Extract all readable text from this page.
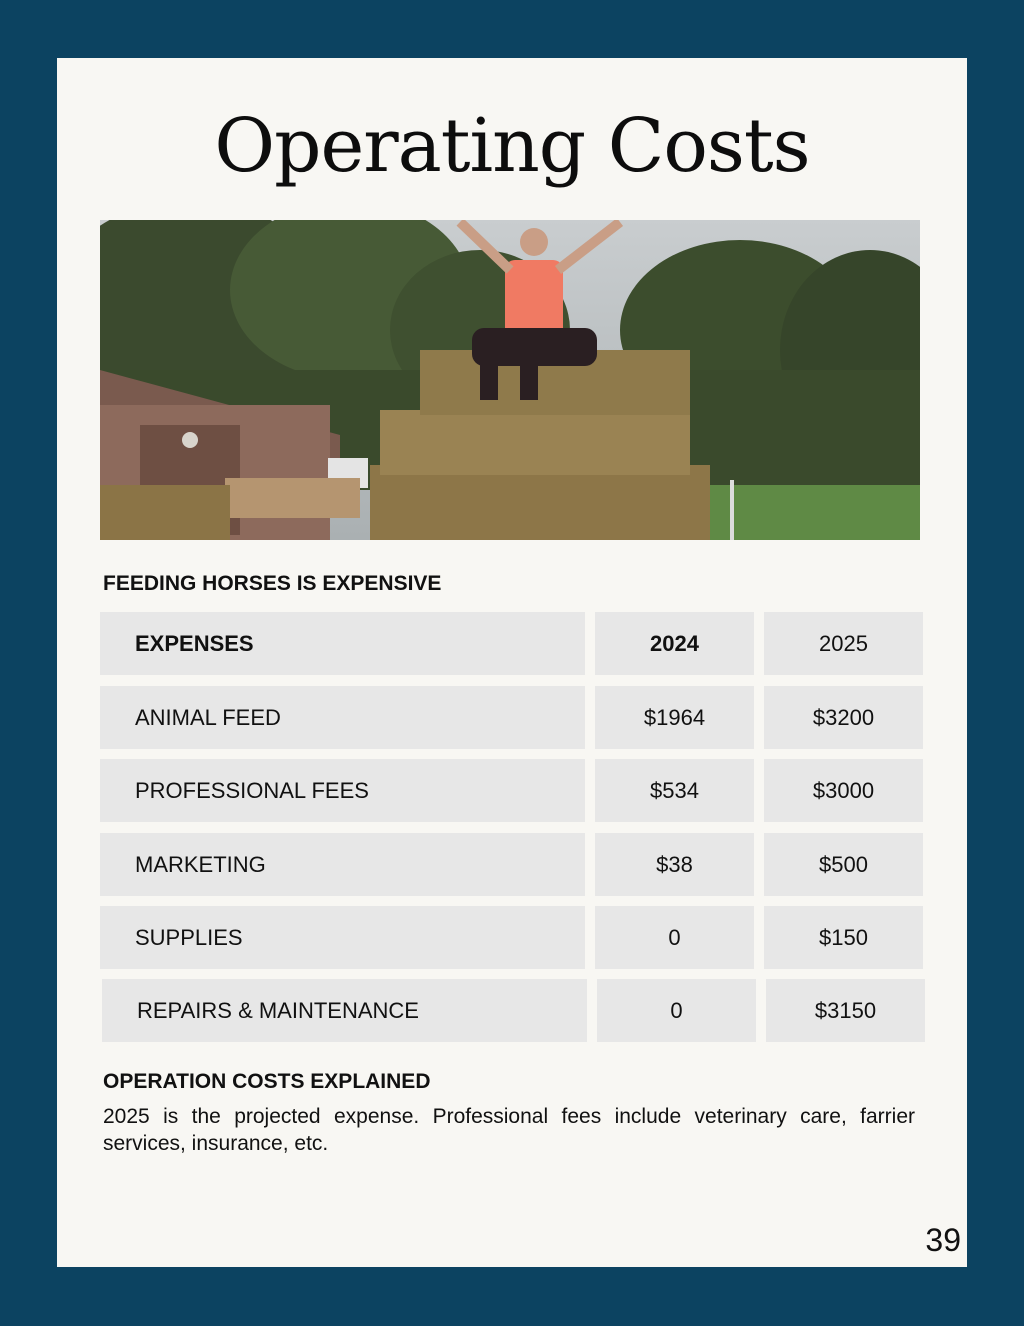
Operating Costs
FEEDING HORSES IS EXPENSIVE
EXPENSES	2024	2025
ANIMAL FEED	$1964	$3200
PROFESSIONAL FEES	$534	$3000
MARKETING	$38	$500
SUPPLIES	0	$150
REPAIRS & MAINTENANCE	0	$3150
OPERATION COSTS EXPLAINED
2025 is the projected expense. Professional fees include veterinary care, farrier services, insurance, etc.
39
